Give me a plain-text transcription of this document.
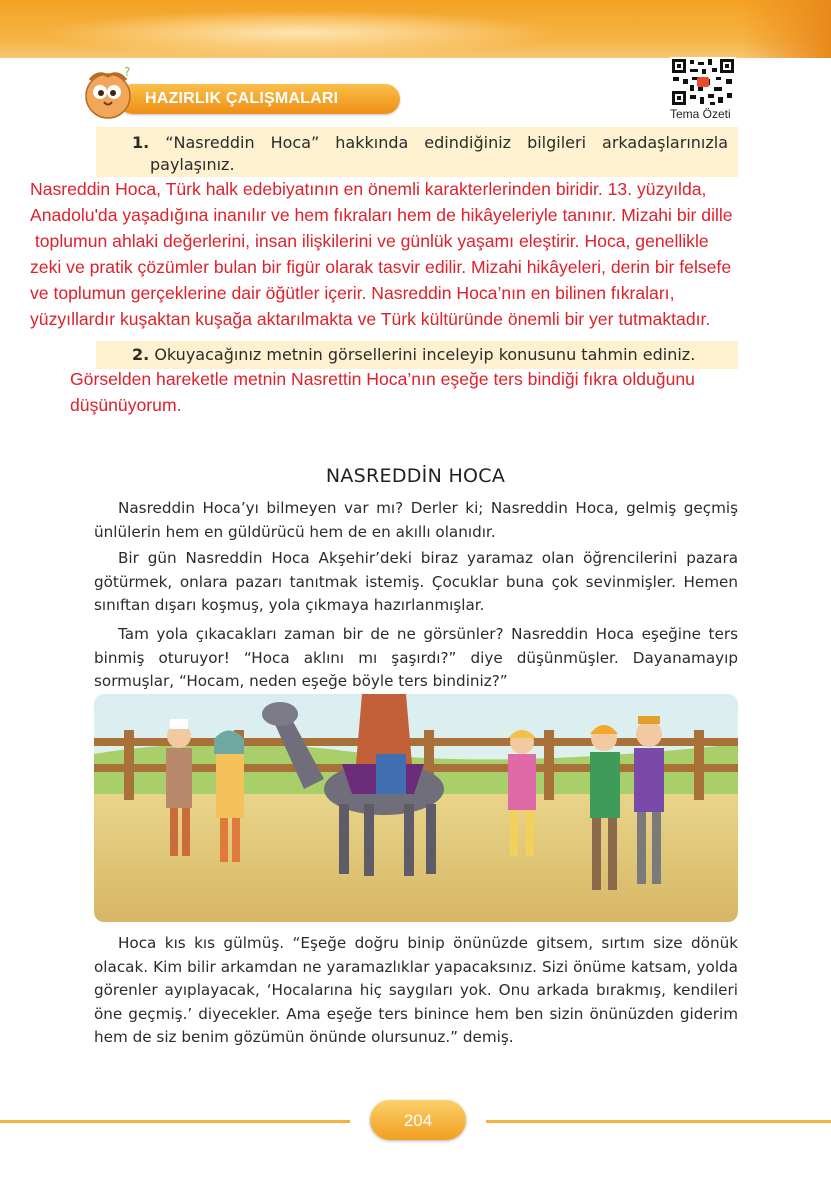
HAZIRLIK ÇALIŞMALARI
?
Tema Özeti
1. “Nasreddin Hoca” hakkında edindiğiniz bilgileri arkadaşlarınızla
paylaşınız.

Nasreddin Hoca, Türk halk edebiyatının en önemli karakterlerinden biridir. 13. yüzyılda,

Anadolu'da yaşadığına inanılır ve hem fıkraları hem de hikâyeleriyle tanınır. Mizahi bir dille

toplumun ahlaki değerlerini, insan ilişkilerini ve günlük yaşamı eleştirir. Hoca, genellikle

zeki ve pratik çözümler bulan bir figür olarak tasvir edilir. Mizahi hikâyeleri, derin bir felsefe

ve toplumun gerçeklerine dair öğütler içerir. Nasreddin Hoca’nın en bilinen fıkraları,

yüzyıllardır kuşaktan kuşağa aktarılmakta ve Türk kültüründe önemli bir yer tutmaktadır.

2. Okuyacağınız metnin görsellerini inceleyip konusunu tahmin ediniz.

Görselden hareketle metnin Nasrettin Hoca’nın eşeğe ters bindiği fıkra olduğunu

düşünüyorum.

NASREDDİN HOCA

Nasreddin Hoca’yı bilmeyen var mı? Derler ki; Nasreddin Hoca, gelmiş geçmiş ünlülerin hem en güldürücü hem de en akıllı olanıdır.

Bir gün Nasreddin Hoca Akşehir’deki biraz yaramaz olan öğrencilerini pazara götürmek, onlara pazarı tanıtmak istemiş. Çocuklar buna çok sevinmişler. Hemen sınıftan dışarı koşmuş, yola çıkmaya hazırlanmışlar.

Tam yola çıkacakları zaman bir de ne görsünler? Nasreddin Hoca eşeğine ters binmiş oturuyor! “Hoca aklını mı şaşırdı?” diye düşünmüşler. Dayanamayıp sormuşlar, “Hocam, neden eşeğe böyle ters bindiniz?”

Hoca kıs kıs gülmüş. “Eşeğe doğru binip önünüzde gitsem, sırtım size dönük olacak. Kim bilir arkamdan ne yaramazlıklar yapacaksınız. Sizi önüme katsam, yolda görenler ayıplayacak, ‘Hocalarına hiç saygıları yok. Onu arkada bırakmış, kendileri öne geçmiş.’ diyecekler. Ama eşeğe ters binince hem ben sizin önünüzden giderim hem de siz benim gözümün önünde olursunuz.” demiş.

204
